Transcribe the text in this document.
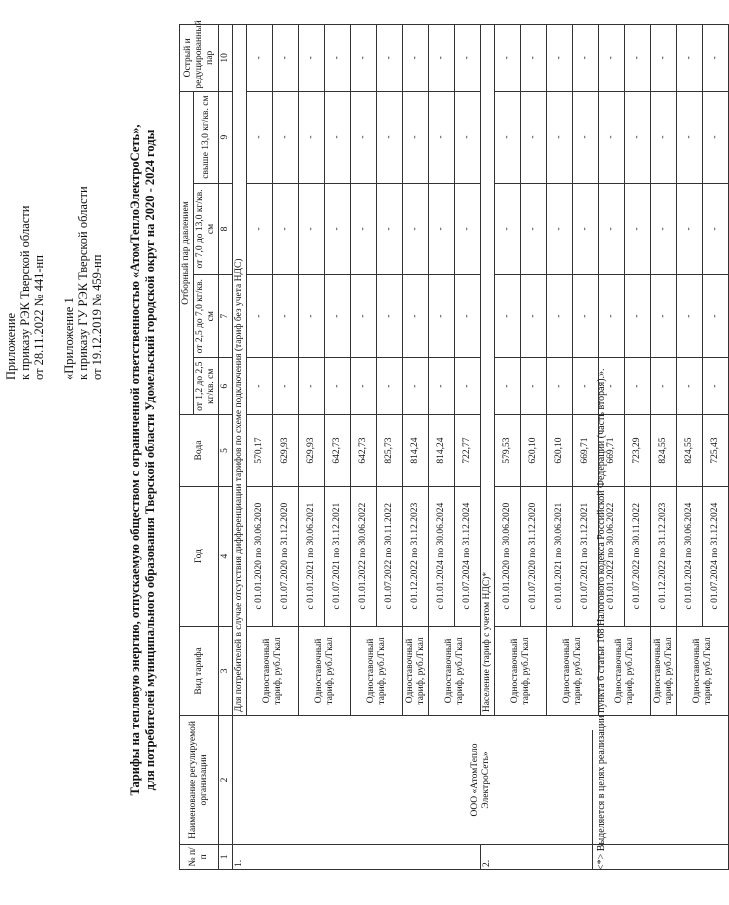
Приложение к приказу РЭК Тверской области от 28.11.2022 № 441-нп «Приложение 1 к приказу ГУ РЭК Тверской области от 19.12.2019 № 459-нп Тарифы на тепловую энергию, отпускаемую обществом с ограниченной ответственностью «АтомТеплоЭлектроСеть», для потребителей муниципального образования Тверской области Удомельский городской округ на 2020 - 2024 годы
№ п/п	Наименование регулируемой организации	Вид тарифа	Год	Вода	Отборный пар давлением				Острый и редуцированный пар
					от 1,2 до 2,5 кг/кв. см	от 2,5 до 7,0 кг/кв. см	от 7,0 до 13,0 кг/кв. см	свыше 13,0 кг/кв. см	
1	2	3	4	5	6	7	8	9	10
1.	ООО «АтомТепло ЭлектроСеть»	Для потребителей в случае отсутствия дифференциации тарифов по схеме подключения (тариф без учета НДС)							
		Одноставочный тариф, руб./Гкал	с 01.01.2020 по 30.06.2020	570,17	-	-	-	-	-
			с 01.07.2020 по 31.12.2020	629,93	-	-	-	-	-
		Одноставочный тариф, руб./Гкал	с 01.01.2021 по 30.06.2021	629,93	-	-	-	-	-
			с 01.07.2021 по 31.12.2021	642,73	-	-	-	-	-
		Одноставочный тариф, руб./Гкал	с 01.01.2022 по 30.06.2022	642,73	-	-	-	-	-
			с 01.07.2022 по 30.11.2022	825,73	-	-	-	-	-
		Одноставочный тариф, руб./Гкал	с 01.12.2022 по 31.12.2023	814,24	-	-	-	-	-
		Одноставочный тариф, руб./Гкал	с 01.01.2024 по 30.06.2024	814,24	-	-	-	-	-
			с 01.07.2024 по 31.12.2024	722,77	-	-	-	-	-
2.		Население (тариф с учетом НДС)*							
		Одноставочный тариф, руб./Гкал	с 01.01.2020 по 30.06.2020	579,53	-	-	-	-	-
			с 01.07.2020 по 31.12.2020	620,10	-	-	-	-	-
		Одноставочный тариф, руб./Гкал	с 01.01.2021 по 30.06.2021	620,10	-	-	-	-	-
			с 01.07.2021 по 31.12.2021	669,71	-	-	-	-	-
		Одноставочный тариф, руб./Гкал	с 01.01.2022 по 30.06.2022	669,71	-	-	-	-	-
			с 01.07.2022 по 30.11.2022	723,29	-	-	-	-	-
		Одноставочный тариф, руб./Гкал	с 01.12.2022 по 31.12.2023	824,55	-	-	-	-	-
		Одноставочный тариф, руб./Гкал	с 01.01.2024 по 30.06.2024	824,55	-	-	-	-	-
			с 01.07.2024 по 31.12.2024	725,43	-	-	-	-	-
<*> Выделяется в целях реализации пункта 6 статьи 168 Налогового кодекса Российской Федерации (часть вторая).».
